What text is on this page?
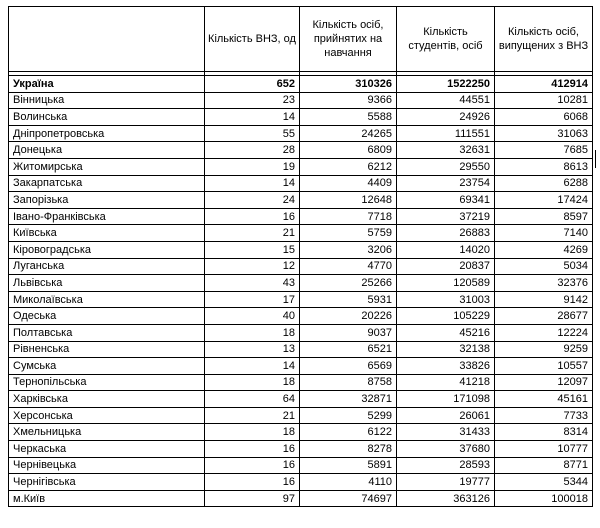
	Кількість ВНЗ, од	Кількість осіб, прийнятих на навчання	Кількість студентів, осіб	Кількість осіб, випущених з ВНЗ

Україна	652	310326	1522250	412914
Вінницька	23	9366	44551	10281
Волинська	14	5588	24926	6068
Дніпропетровська	55	24265	111551	31063
Донецька	28	6809	32631	7685
Житомирська	19	6212	29550	8613
Закарпатська	14	4409	23754	6288
Запорізька	24	12648	69341	17424
Івано-Франківська	16	7718	37219	8597
Київська	21	5759	26883	7140
Кіровоградська	15	3206	14020	4269
Луганська	12	4770	20837	5034
Львівська	43	25266	120589	32376
Миколаївська	17	5931	31003	9142
Одеська	40	20226	105229	28677
Полтавська	18	9037	45216	12224
Рівненська	13	6521	32138	9259
Сумська	14	6569	33826	10557
Тернопільська	18	8758	41218	12097
Харківська	64	32871	171098	45161
Херсонська	21	5299	26061	7733
Хмельницька	18	6122	31433	8314
Черкаська	16	8278	37680	10777
Чернівецька	16	5891	28593	8771
Чернігівська	16	4110	19777	5344
м.Київ	97	74697	363126	100018
